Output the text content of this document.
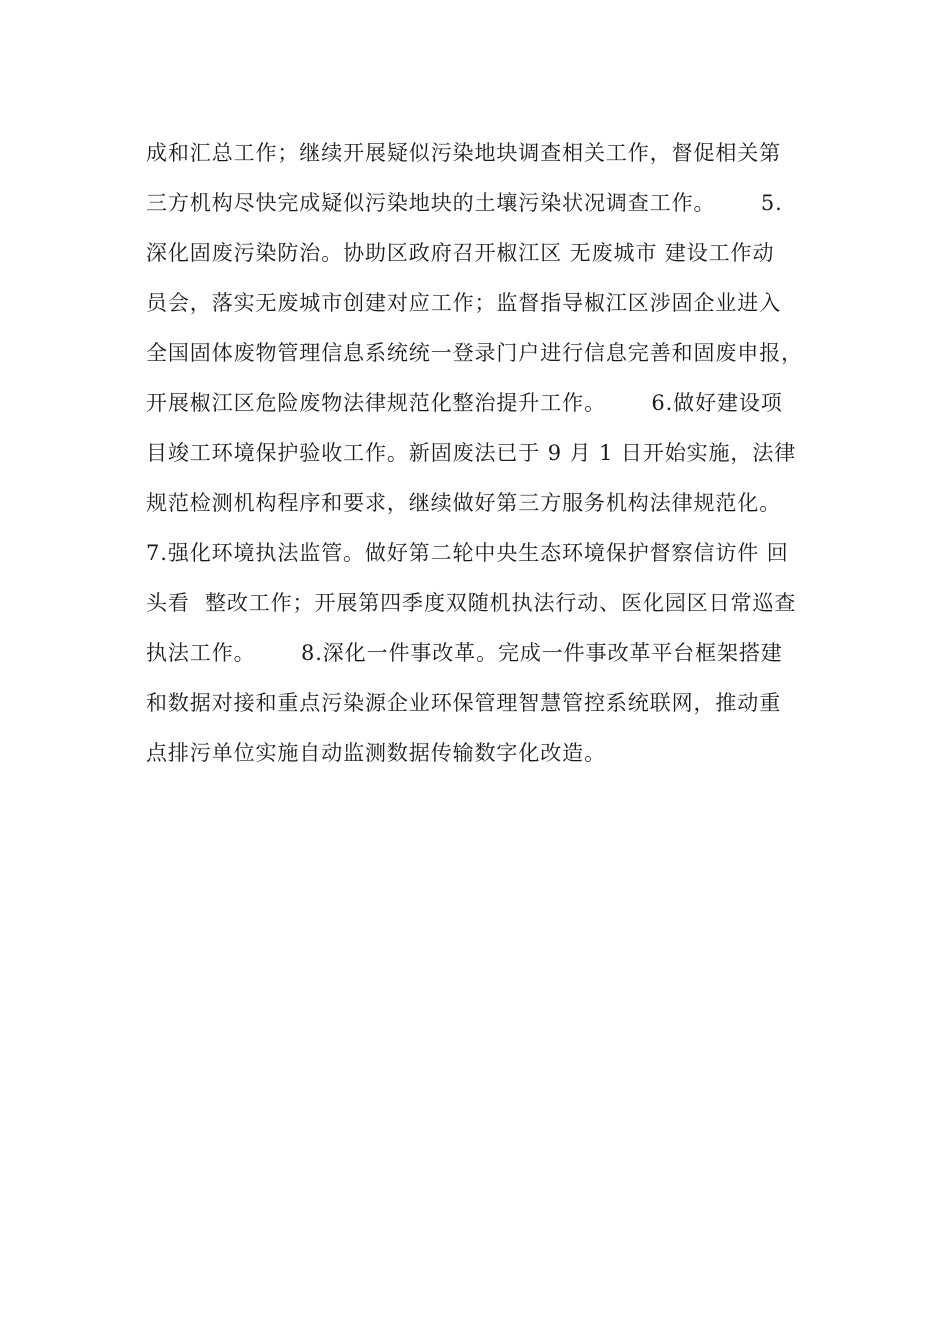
成和汇总工作；继续开展疑似污染地块调查相关工作，督促相关第
三方机构尽快完成疑似污染地块的土壤污染状况调查工作。      5.
深化固废污染防治。协助区政府召开椒江区 无废城市 建设工作动
员会，落实无废城市创建对应工作；监督指导椒江区涉固企业进入
全国固体废物管理信息系统统一登录门户进行信息完善和固废申报，
开展椒江区危险废物法律规范化整治提升工作。      6.做好建设项
目竣工环境保护验收工作。新固废法已于 9 月 1 日开始实施，法律
规范检测机构程序和要求，继续做好第三方服务机构法律规范化。
7.强化环境执法监管。做好第二轮中央生态环境保护督察信访件 回
头看  整改工作；开展第四季度双随机执法行动、医化园区日常巡查
执法工作。      8.深化一件事改革。完成一件事改革平台框架搭建
和数据对接和重点污染源企业环保管理智慧管控系统联网，推动重
点排污单位实施自动监测数据传输数字化改造。
